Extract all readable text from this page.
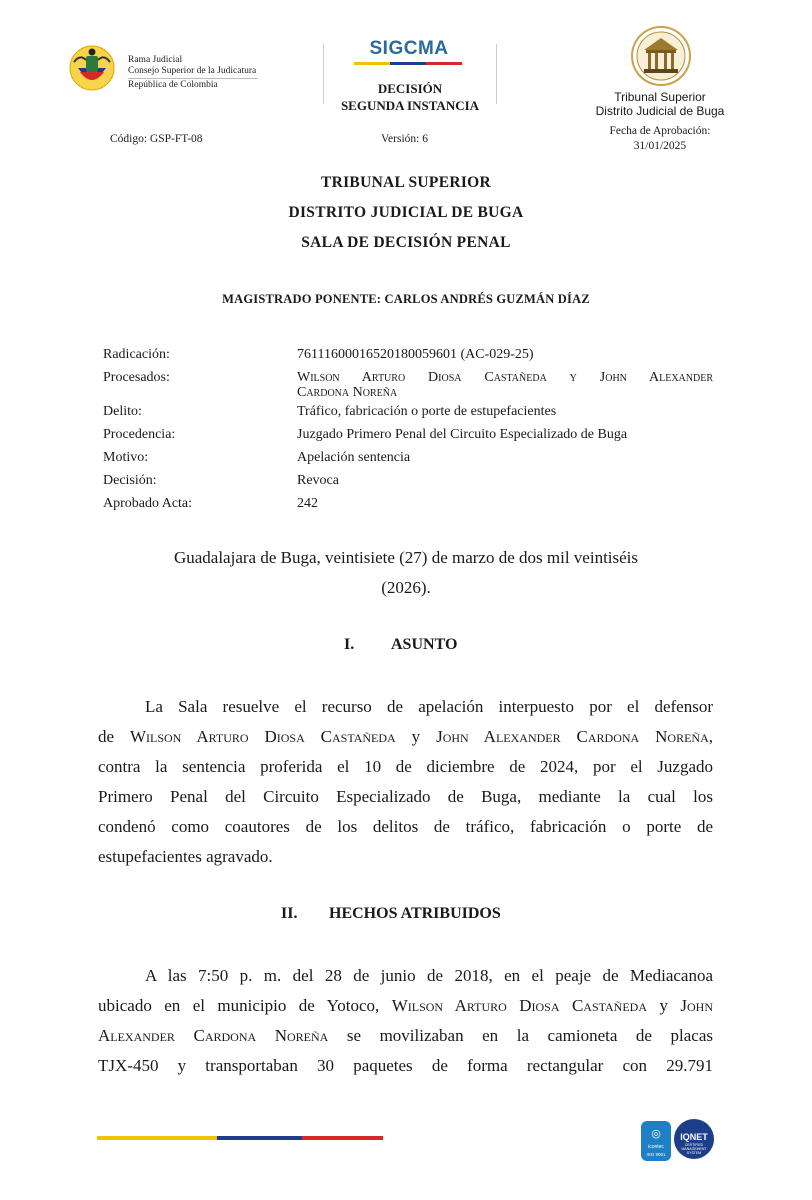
Rama Judicial
Consejo Superior de la Judicatura
República de Colombia
Código: GSP-FT-08
SIGCMA
DECISIÓN
SEGUNDA INSTANCIA
Versión: 6
Tribunal Superior
Distrito Judicial de Buga
Fecha de Aprobación:
31/01/2025
TRIBUNAL SUPERIOR
DISTRITO JUDICIAL DE BUGA
SALA DE DECISIÓN PENAL
MAGISTRADO PONENTE: CARLOS ANDRÉS GUZMÁN DÍAZ
Radicación:	76111600016520180059601 (AC-029-25)
Procesados:	Wilson Arturo Diosa Castañeda y John Alexander
Cardona Noreña
Delito:	Tráfico, fabricación o porte de estupefacientes
Procedencia:	Juzgado Primero Penal del Circuito Especializado de Buga
Motivo:	Apelación sentencia
Decisión:	Revoca
Aprobado Acta:	242
Guadalajara de Buga, veintisiete (27) de marzo de dos mil veintiséis
(2026).
I. ASUNTO
La Sala resuelve el recurso de apelación interpuesto por el defensor
de Wilson Arturo Diosa Castañeda y John Alexander Cardona Noreña,
contra la sentencia proferida el 10 de diciembre de 2024, por el Juzgado
Primero Penal del Circuito Especializado de Buga, mediante la cual los
condenó como coautores de los delitos de tráfico, fabricación o porte de
estupefacientes agravado.
II. HECHOS ATRIBUIDOS
A las 7:50 p. m. del 28 de junio de 2018, en el peaje de Mediacanoa
ubicado en el municipio de Yotoco, Wilson Arturo Diosa Castañeda y John
Alexander Cardona Noreña se movilizaban en la camioneta de placas
TJX-450 y transportaban 30 paquetes de forma rectangular con 29.791
◎
icontec
ISO 9001
IQNET
CERTIFIED MANAGEMENT SYSTEM
